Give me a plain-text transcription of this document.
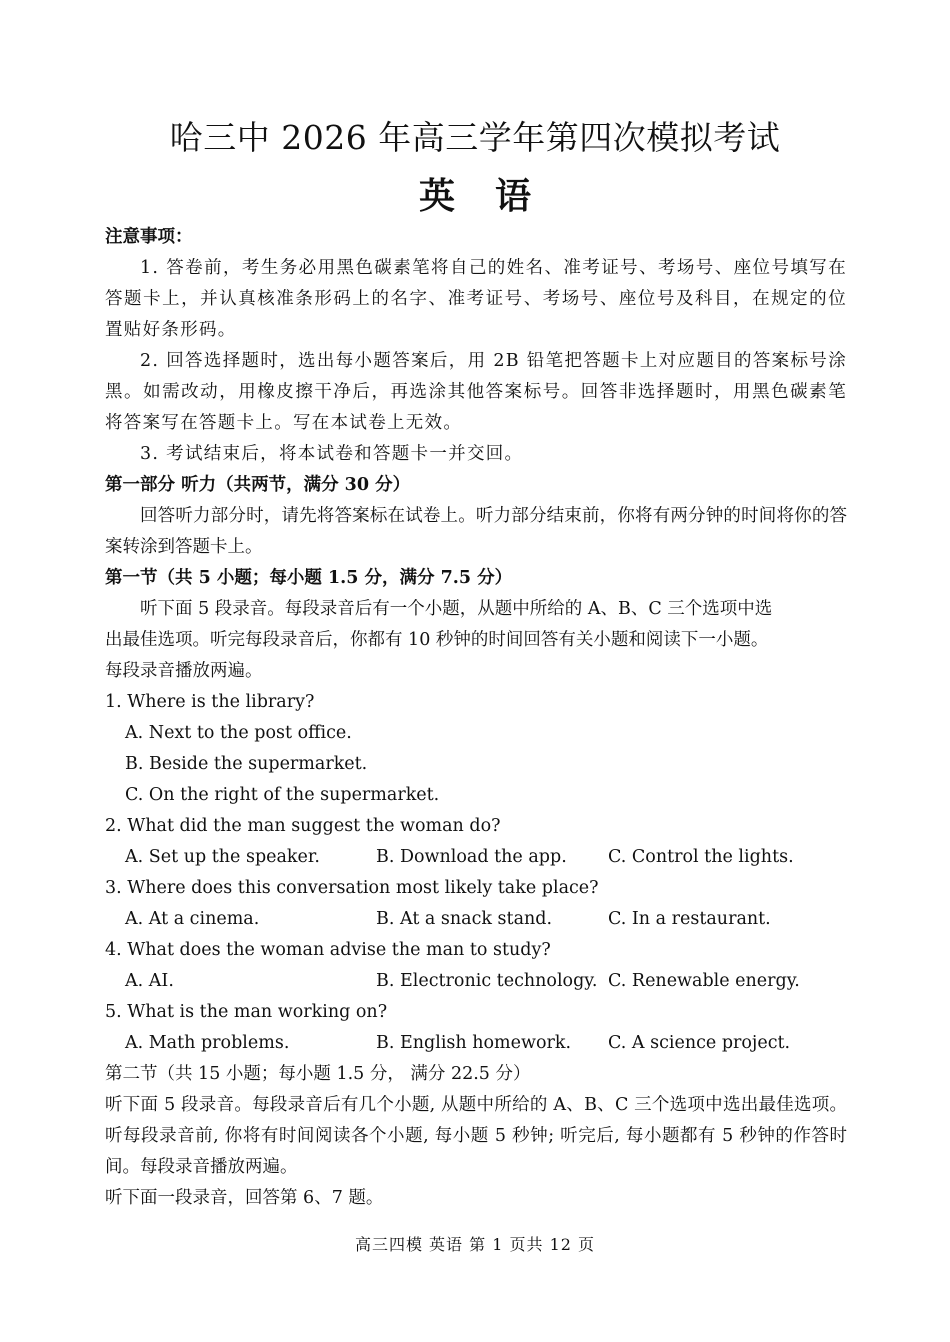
哈三中 2026 年高三学年第四次模拟考试
英语

注意事项：

1. 答卷前，考生务必用黑色碳素笔将自己的姓名、准考证号、考场号、座位号填写在答题卡上，并认真核准条形码上的名字、准考证号、考场号、座位号及科目，在规定的位置贴好条形码。

2. 回答选择题时，选出每小题答案后，用 2B 铅笔把答题卡上对应题目的答案标号涂黑。如需改动，用橡皮擦干净后，再选涂其他答案标号。回答非选择题时，用黑色碳素笔将答案写在答题卡上。写在本试卷上无效。

3. 考试结束后，将本试卷和答题卡一并交回。

第一部分 听力（共两节，满分 30 分）

回答听力部分时，请先将答案标在试卷上。听力部分结束前，你将有两分钟的时间将你的答案转涂到答题卡上。

第一节（共 5 小题；每小题 1.5 分，满分 7.5 分）

听下面 5 段录音。每段录音后有一个小题，从题中所给的 A、B、C 三个选项中选

出最佳选项。听完每段录音后，你都有 10 秒钟的时间回答有关小题和阅读下一小题。

每段录音播放两遍。

1. Where is the library?

A. Next to the post office.

B. Beside the supermarket.

C. On the right of the supermarket.

2. What did the man suggest the woman do?

A. Set up the speaker.	B. Download the app.	C. Control the lights.

3. Where does this conversation most likely take place?

A. At a cinema.	B. At a snack stand.	C. In a restaurant.

4. What does the woman advise the man to study?

A. AI.	B. Electronic technology. C. Renewable energy.

5. What is the man working on?

A. Math problems.	B. English homework.	C. A science project.

第二节（共 15 小题；每小题 1.5 分， 满分 22.5 分）

听下面 5 段录音。每段录音后有几个小题, 从题中所给的 A、B、C 三个选项中选出最佳选项。听每段录音前, 你将有时间阅读各个小题, 每小题 5 秒钟; 听完后, 每小题都有 5 秒钟的作答时间。每段录音播放两遍。

听下面一段录音，回答第 6、7 题。

高三四模 英语 第 1 页共 12 页
